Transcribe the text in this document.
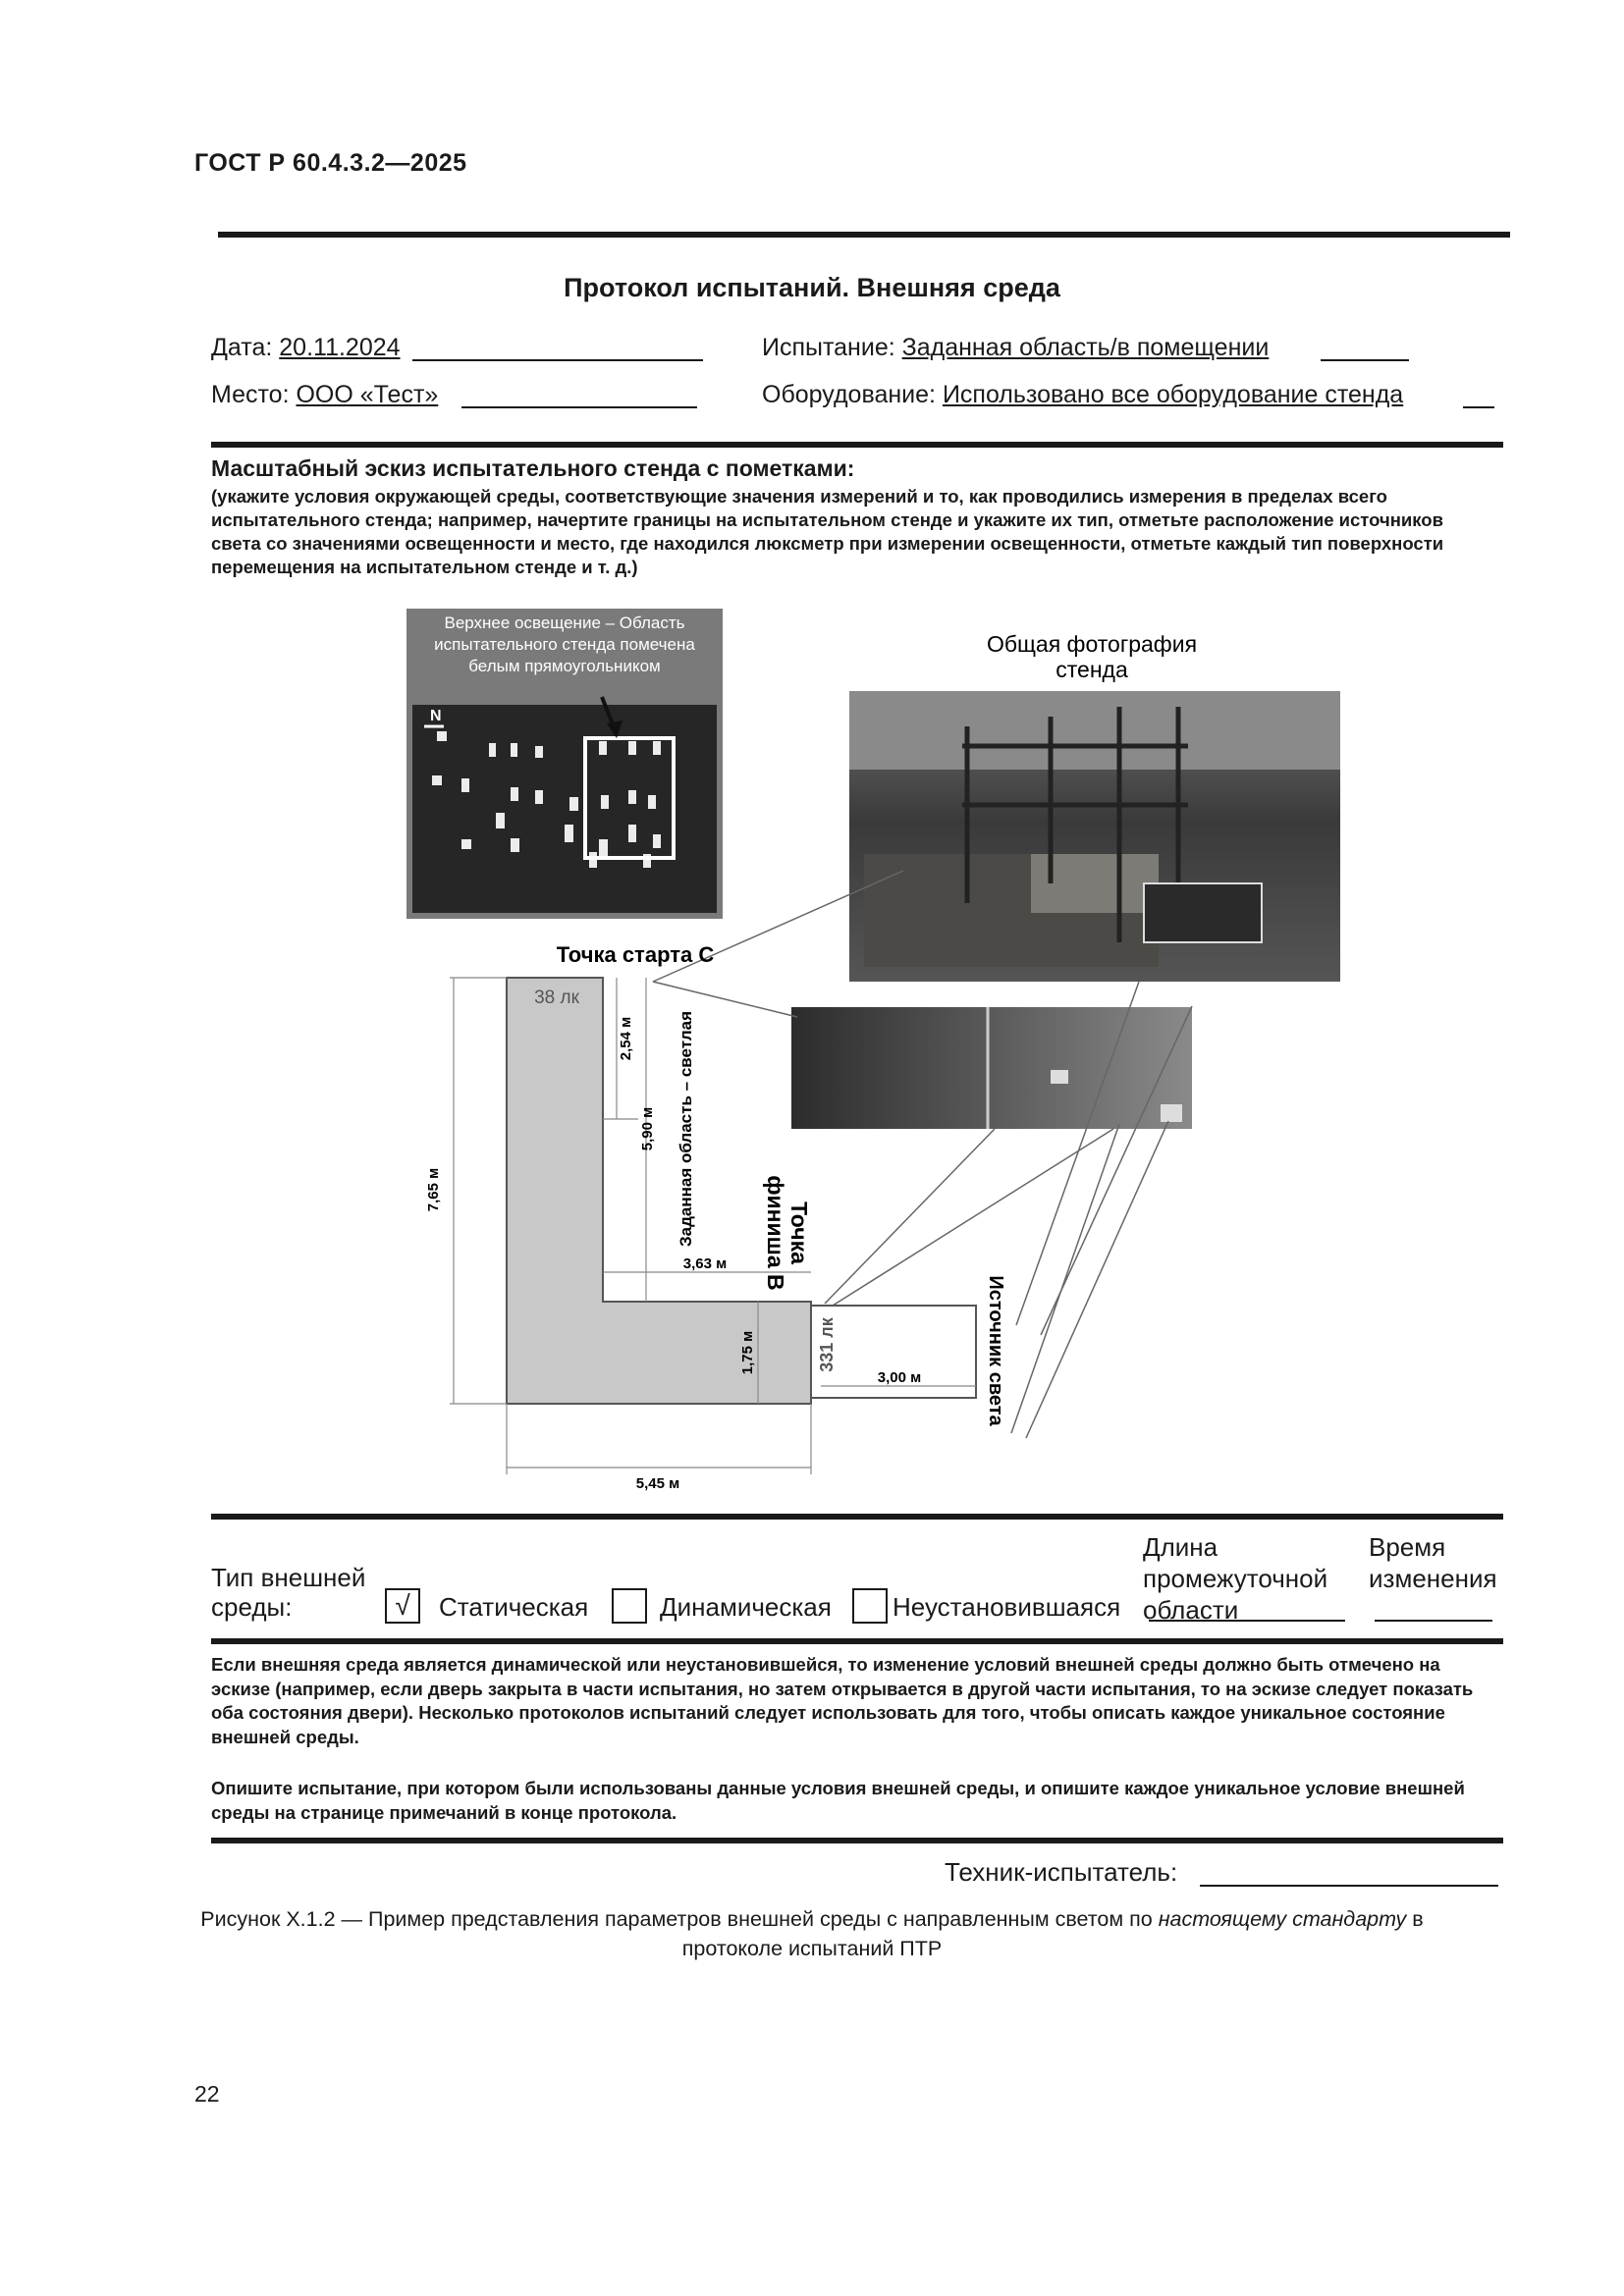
ГОСТ Р 60.4.3.2—2025
Протокол испытаний. Внешняя среда
Дата: 20.11.2024	Испытание: Заданная область/в помещении
Место: ООО «Тест»	Оборудование: Использовано все оборудование стенда
Масштабный эскиз испытательного стенда с пометками:
(укажите условия окружающей среды, соответствующие значения измерений и то, как проводились измерения в пределах всего испытательного стенда; например, начертите границы на испытательном стенде и укажите их тип, отметьте расположение источников света со значениями освещенности и место, где находился люксметр при измерении освещенности, отметьте каждый тип поверхности перемещения на испытательном стенде и т. д.)
Верхнее освещение – Область
испытательного стенда помечена
белым прямоугольником
N
Общая фотография
стенда
Точка старта С
38 лк
2,54 м
5,90 м Заданная область – светлая	Точка
финиша В
7,65 м
3,63 м
1,75 м	331 лк
3,00 м	Источник света
5,45 м
Тип внешней среды:	√	Статическая	Динамическая Неустановившаяся
Длина промежуточной области
Время изменения
Если внешняя среда является динамической или неустановившейся, то изменение условий внешней среды должно быть отмечено на эскизе (например, если дверь закрыта в части испытания, но затем открывается в другой части испытания, то на эскизе следует показать оба состояния двери). Несколько протоколов испытаний следует использовать для того, чтобы описать каждое уникальное состояние внешней среды.
Опишите испытание, при котором были использованы данные условия внешней среды, и опишите каждое уникальное условие внешней среды на странице примечаний в конце протокола.
Техник-испытатель:
Рисунок X.1.2 — Пример представления параметров внешней среды с направленным светом по настоящему стандарту в протоколе испытаний ПТР
22
